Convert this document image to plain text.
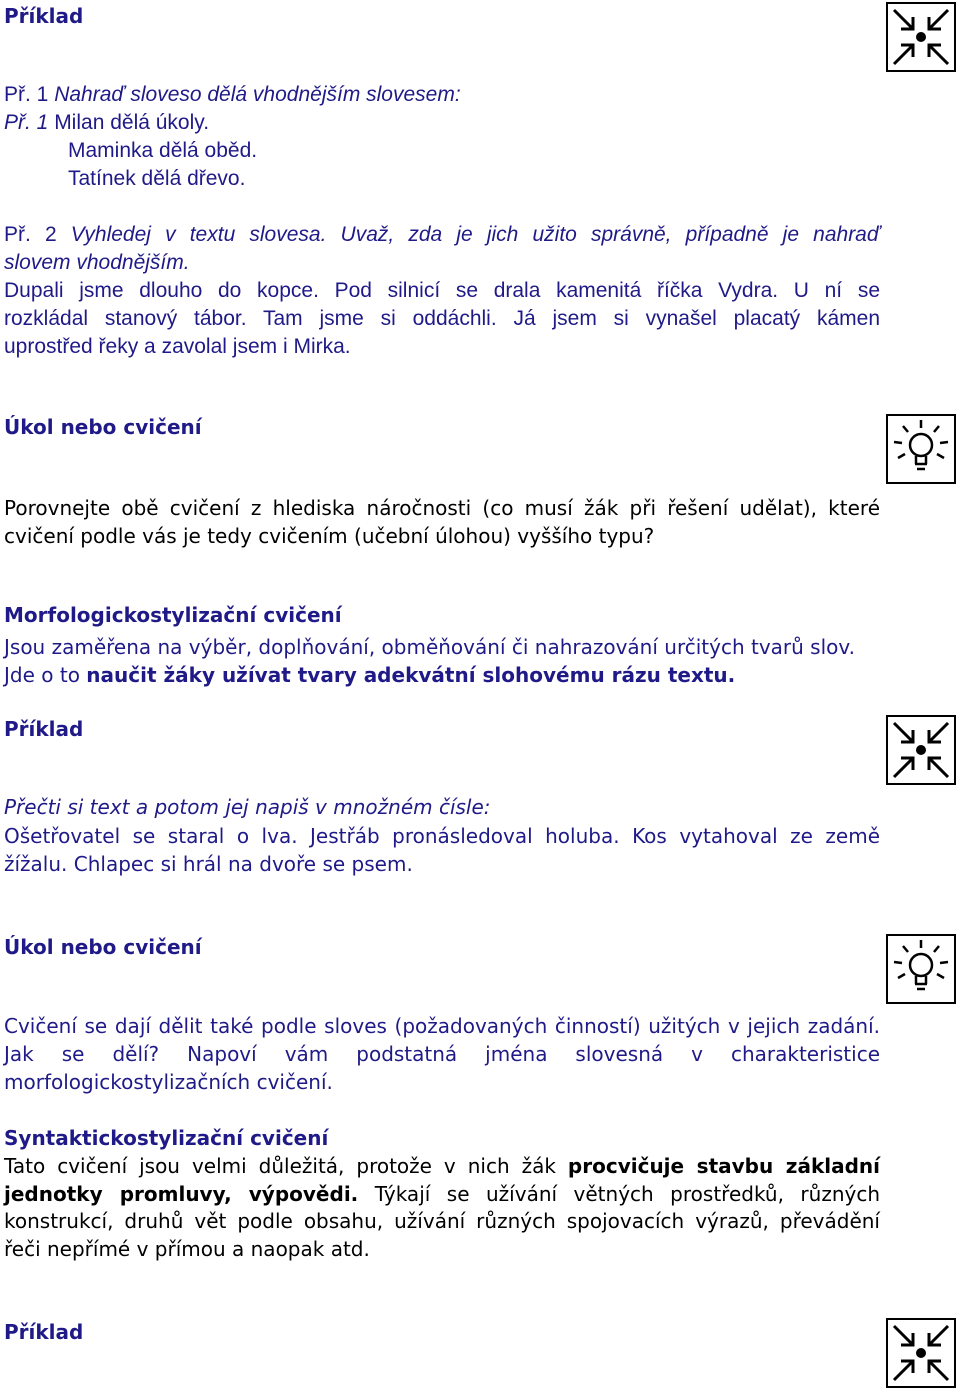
Příklad
Př. 1 Nahraď sloveso dělá vhodnějším slovesem:
Př. 1 Milan dělá úkoly.
Maminka dělá oběd.
Tatínek dělá dřevo.
Př. 2 Vyhledej v textu slovesa. Uvaž, zda je jich užito správně, případně je nahraď
slovem vhodnějším.
Dupali jsme dlouho do kopce. Pod silnicí se drala kamenitá říčka Vydra. U ní se
rozkládal stanový tábor. Tam jsme si oddáchli. Já jsem si vynašel placatý kámen
uprostřed řeky a zavolal jsem i Mirka.
Úkol nebo cvičení
Porovnejte obě cvičení z hlediska náročnosti (co musí žák při řešení udělat), které
cvičení podle vás je tedy cvičením (učební úlohou) vyššího typu?
Morfologickostylizační cvičení
Jsou zaměřena na výběr, doplňování, obměňování či nahrazování určitých tvarů slov.
Jde o to naučit žáky užívat tvary adekvátní slohovému rázu textu.
Příklad
Přečti si text a potom jej napiš v množném čísle:
Ošetřovatel se staral o lva. Jestřáb pronásledoval holuba. Kos vytahoval ze země
žížalu. Chlapec si hrál na dvoře se psem.
Úkol nebo cvičení
Cvičení se dají dělit také podle sloves (požadovaných činností) užitých v jejich zadání.
Jak se dělí? Napoví vám podstatná jména slovesná v charakteristice
morfologickostylizačních cvičení.
Syntaktickostylizační cvičení
Tato cvičení jsou velmi důležitá, protože v nich žák procvičuje stavbu základní
jednotky promluvy, výpovědi. Týkají se užívání větných prostředků, různých
konstrukcí, druhů vět podle obsahu, užívání různých spojovacích výrazů, převádění
řeči nepřímé v přímou a naopak atd.
Příklad
